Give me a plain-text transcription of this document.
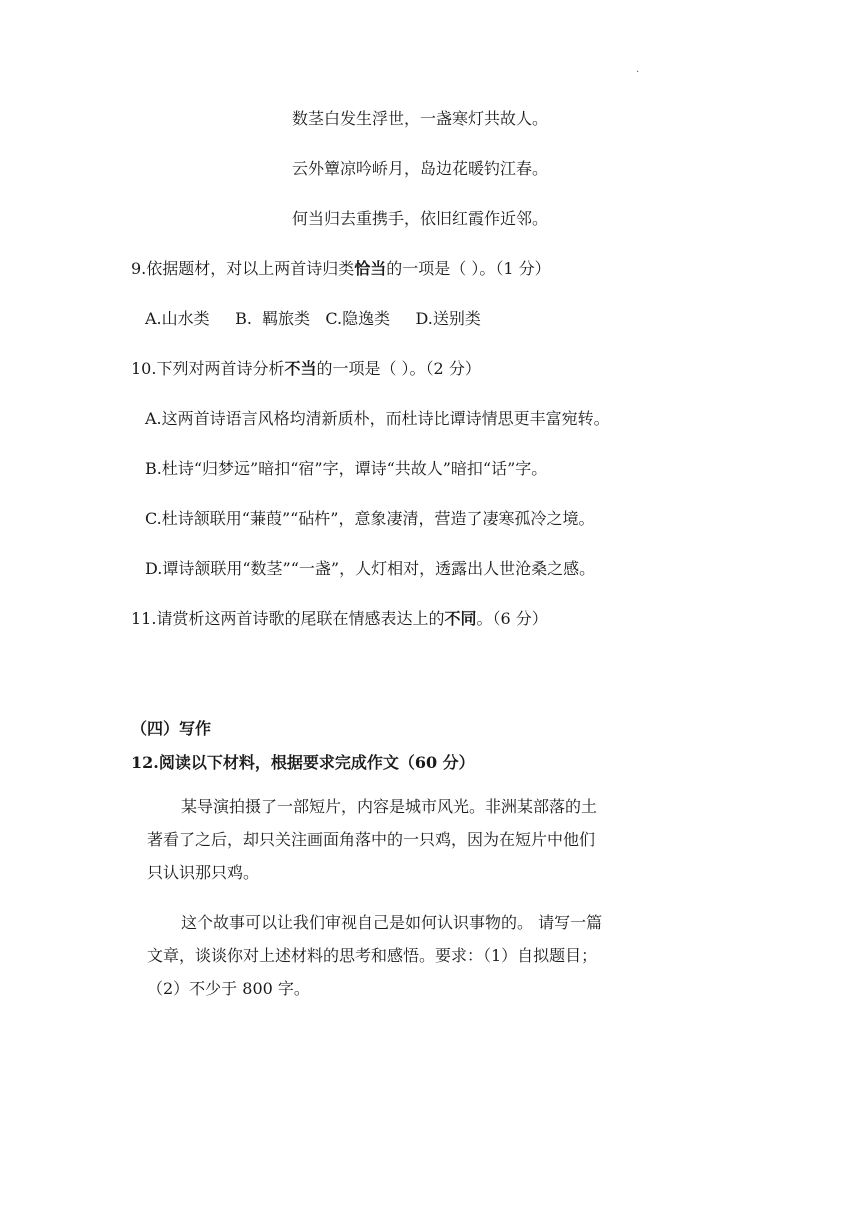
.
数茎白发生浮世，一盏寒灯共故人。
云外簟凉吟峤月，岛边花暖钓江春。
何当归去重携手，依旧红霞作近邻。
9.依据题材，对以上两首诗归类恰当的一项是（ ）。（1 分）
A.山水类     B.  羁旅类   C.隐逸类     D.送别类
10.下列对两首诗分析不当的一项是（ ）。（2 分）
A.这两首诗语言风格均清新质朴，而杜诗比谭诗情思更丰富宛转。
B.杜诗“归梦远”暗扣“宿”字，谭诗“共故人”暗扣“话”字。
C.杜诗颔联用“蒹葭”“砧杵”，意象凄清，营造了凄寒孤冷之境。
D.谭诗颔联用“数茎”“一盏”，人灯相对，透露出人世沧桑之感。
11.请赏析这两首诗歌的尾联在情感表达上的不同。（6 分）
（四）写作
12.阅读以下材料，根据要求完成作文（60 分）
某导演拍摄了一部短片，内容是城市风光。非洲某部落的土著看了之后，却只关注画面角落中的一只鸡，因为在短片中他们只认识那只鸡。
这个故事可以让我们审视自己是如何认识事物的。 请写一篇文章，谈谈你对上述材料的思考和感悟。要求：（1）自拟题目；（2）不少于 800 字。
